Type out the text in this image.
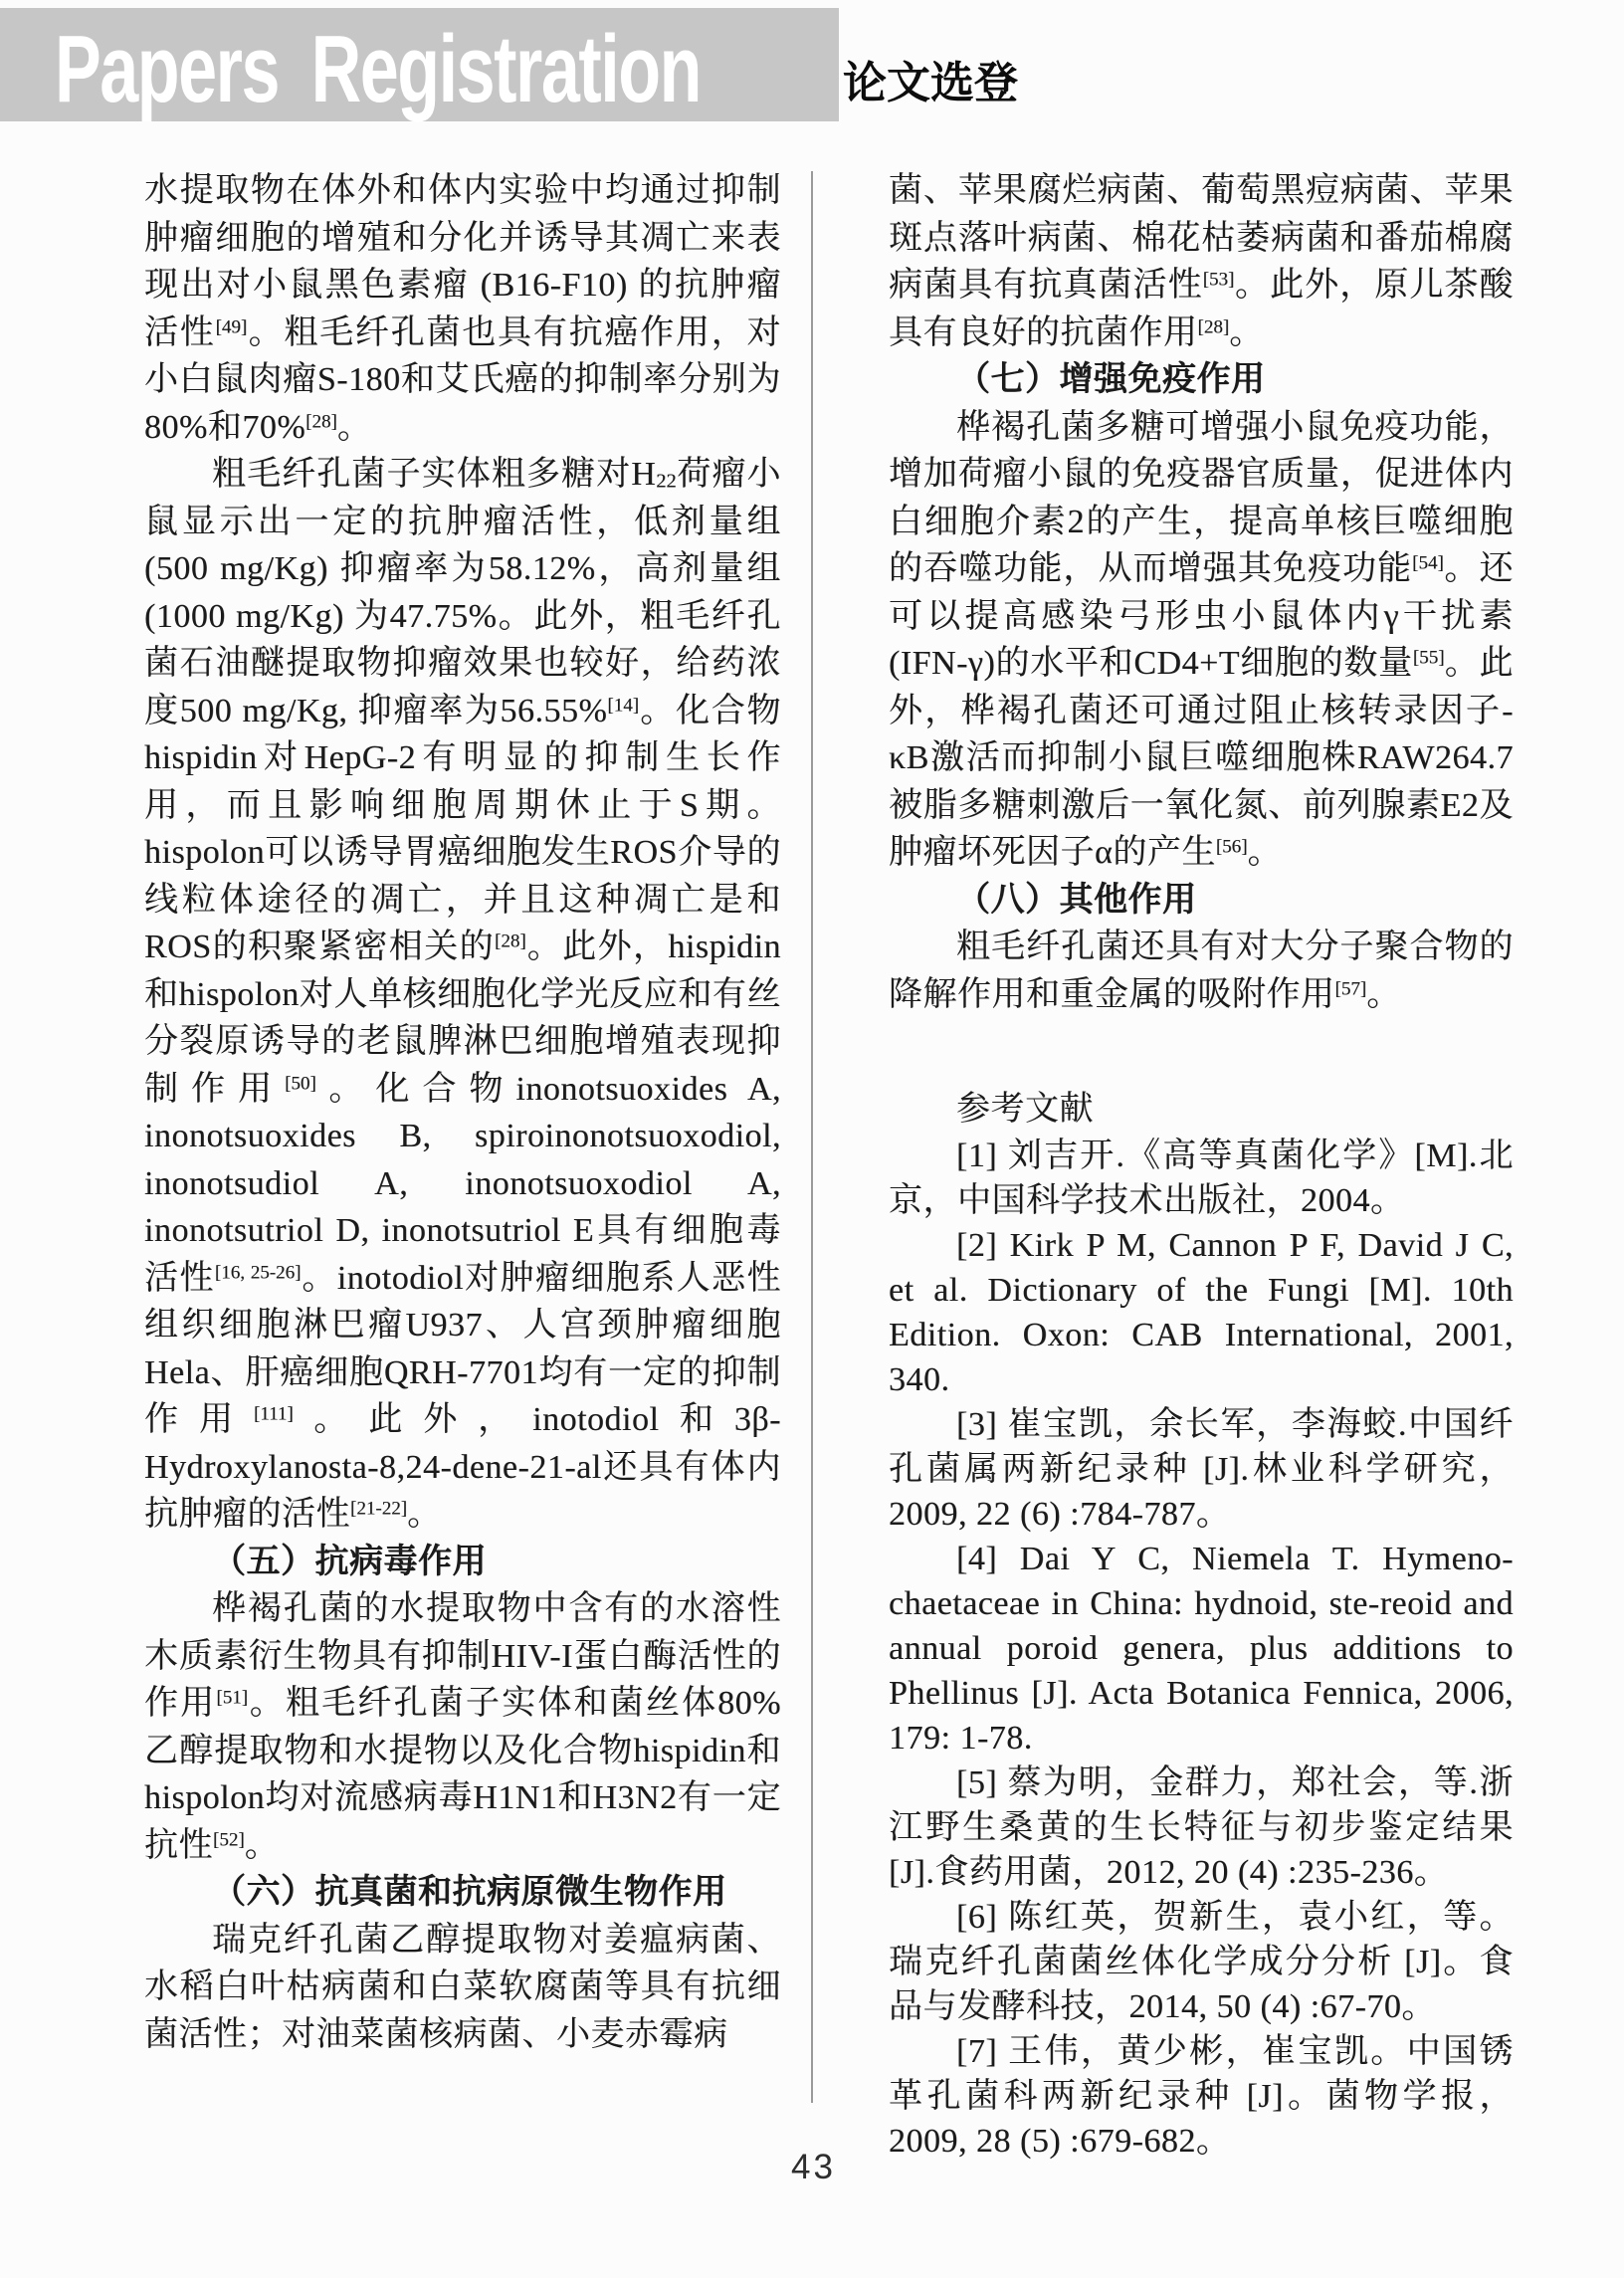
Papers Registration	论文选登

水提取物在体外和体内实验中均通过抑制肿瘤细胞的增殖和分化并诱导其凋亡来表现出对小鼠黑色素瘤 (B16-F10) 的抗肿瘤活性[49]。粗毛纤孔菌也具有抗癌作用，对小白鼠肉瘤S-180和艾氏癌的抑制率分别为80%和70%[28]。

粗毛纤孔菌子实体粗多糖对$H_{22}$荷瘤小鼠显示出一定的抗肿瘤活性，低剂量组 (500 mg/Kg) 抑瘤率为58.12%，高剂量组 (1000 mg/Kg) 为47.75%。此外，粗毛纤孔菌石油醚提取物抑瘤效果也较好，给药浓度500 mg/Kg, 抑瘤率为56.55%[14]。化合物hispidin对HepG-2有明显的抑制生长作用，而且影响细胞周期休止于S期。hispolon可以诱导胃癌细胞发生ROS介导的线粒体途径的凋亡，并且这种凋亡是和ROS的积聚紧密相关的[28]。此外，hispidin和hispolon对人单核细胞化学光反应和有丝分裂原诱导的老鼠脾淋巴细胞增殖表现抑制作用[50]。化合物inonotsuoxides A, inonotsuoxides B, spiroinonotsuoxodiol, inonotsudiol A, inonotsuoxodiol A, inonotsutriol D, inonotsutriol E具有细胞毒活性[16, 25-26]。inotodiol对肿瘤细胞系人恶性组织细胞淋巴瘤U937、人宫颈肿瘤细胞Hela、肝癌细胞QRH-7701均有一定的抑制作用[111]。此外，inotodiol和3β-Hydroxylanosta-8,24-dene-21-al还具有体内抗肿瘤的活性[21-22]。

（五）抗病毒作用

桦褐孔菌的水提取物中含有的水溶性木质素衍生物具有抑制HIV-I蛋白酶活性的作用[51]。粗毛纤孔菌子实体和菌丝体80%乙醇提取物和水提物以及化合物hispidin和hispolon均对流感病毒H1N1和H3N2有一定抗性[52]。

（六）抗真菌和抗病原微生物作用

瑞克纤孔菌乙醇提取物对姜瘟病菌、水稻白叶枯病菌和白菜软腐菌等具有抗细菌活性；对油菜菌核病菌、小麦赤霉病

菌、苹果腐烂病菌、葡萄黑痘病菌、苹果斑点落叶病菌、棉花枯萎病菌和番茄棉腐病菌具有抗真菌活性[53]。此外，原儿茶酸具有良好的抗菌作用[28]。

（七）增强免疫作用

桦褐孔菌多糖可增强小鼠免疫功能，增加荷瘤小鼠的免疫器官质量，促进体内白细胞介素2的产生，提高单核巨噬细胞的吞噬功能，从而增强其免疫功能[54]。还可以提高感染弓形虫小鼠体内γ干扰素 (IFN-γ)的水平和CD4+T细胞的数量[55]。此外，桦褐孔菌还可通过阻止核转录因子-κB激活而抑制小鼠巨噬细胞株RAW264.7被脂多糖刺激后一氧化氮、前列腺素E2及肿瘤坏死因子α的产生[56]。

（八）其他作用

粗毛纤孔菌还具有对大分子聚合物的降解作用和重金属的吸附作用[57]。

参考文献

[1] 刘吉开.《高等真菌化学》[M].北京，中国科学技术出版社，2004。

[2] Kirk P M, Cannon P F, David J C, et al. Dictionary of the Fungi [M]. 10th Edition. Oxon: CAB International, 2001, 340.

[3] 崔宝凯，余长军，李海蛟.中国纤孔菌属两新纪录种 [J].林业科学研究，2009, 22 (6) :784-787。

[4] Dai Y C, Niemela T. Hymeno-chaetaceae in China: hydnoid, ste-reoid and annual poroid genera, plus additions to Phellinus [J]. Acta Botanica Fennica, 2006, 179: 1-78.

[5] 蔡为明，金群力，郑社会，等.浙江野生桑黄的生长特征与初步鉴定结果 [J].食药用菌，2012, 20 (4) :235-236。

[6] 陈红英，贺新生，袁小红，等。瑞克纤孔菌菌丝体化学成分分析 [J]。食品与发酵科技，2014, 50 (4) :67-70。

[7] 王伟，黄少彬，崔宝凯。中国锈革孔菌科两新纪录种 [J]。菌物学报，2009, 28 (5) :679-682。

43
